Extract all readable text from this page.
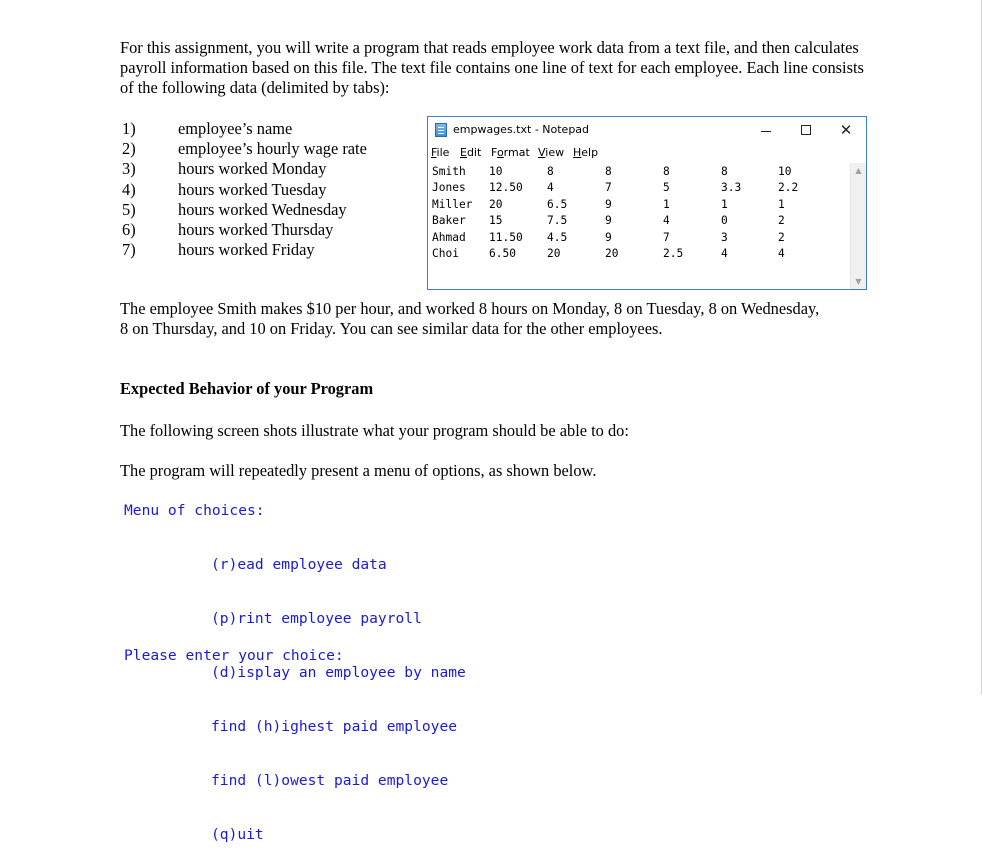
For this assignment, you will write a program that reads employee work data from a text file, and then calculates payroll information based on this file. The text file contains one line of text for each employee. Each line consists of the following data (delimited by tabs):

1)	employee’s name
2)	employee’s hourly wage rate
3)	hours worked Monday
4)	hours worked Tuesday
5)	hours worked Wednesday
6)	hours worked Thursday
7)	hours worked Friday
empwages.txt - Notepad	✕
File Edit Format View Help
Smith 10	8	8	8	8	10
Jones 12.50 4	7	5	3.3	2.2
Miller 20	6.5	9	1	1	1
Baker 15	7.5	9	4	0	2
Ahmad 11.50 4.5	9	7	3	2
Choi	6.50	20	20	2.5	4	4
▲
▼

The employee Smith makes $10 per hour, and worked 8 hours on Monday, 8 on Tuesday, 8 on Wednesday, 8 on Thursday, and 10 on Friday. You can see similar data for the other employees.

Expected Behavior of your Program

The following screen shots illustrate what your program should be able to do:

The program will repeatedly present a menu of options, as shown below.

Menu of choices:

(r)ead employee data

(p)rint employee payroll

(d)isplay an employee by name

find (h)ighest paid employee

find (l)owest paid employee

(q)uit

Please enter your choice:
